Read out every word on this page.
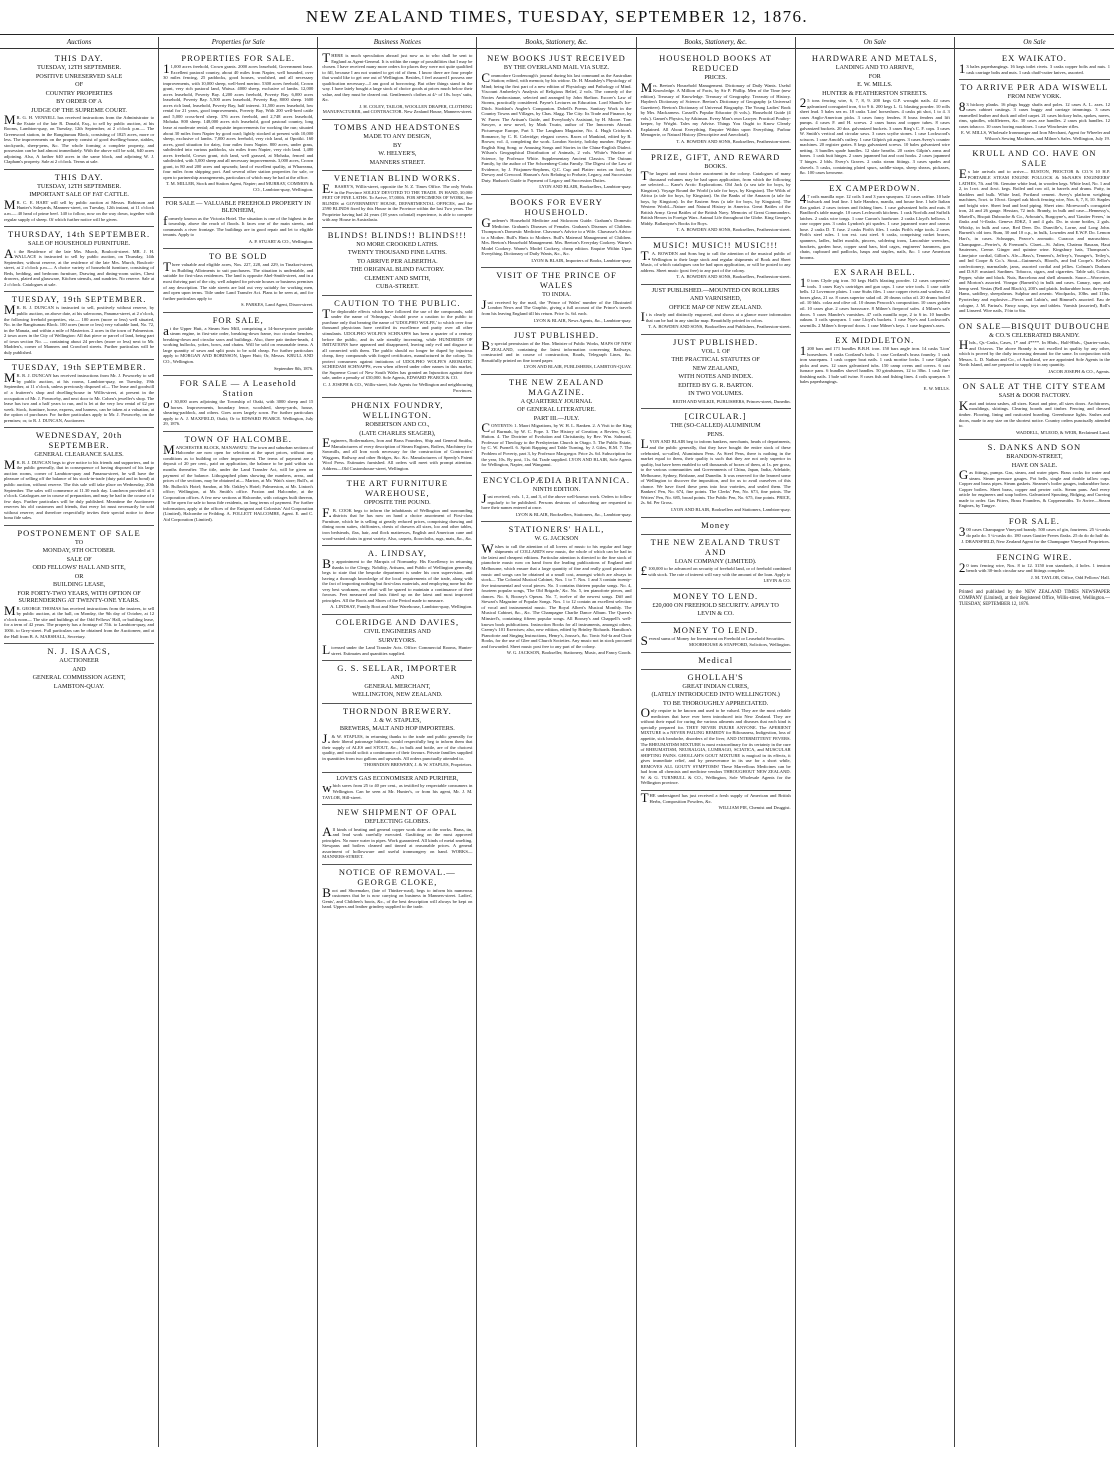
NEW ZEALAND TIMES, TUESDAY, SEPTEMBER 12, 1876.
Auctions

THIS DAY.

TUESDAY, 12TH SEPTEMBER.

POSITIVE UNRESERVED SALE

OF

COUNTRY PROPERTIES

BY ORDER OF A

JUDGE OF THE SUPREME COURT.

MR. G. H. VENNELL has received instructions from the Administrator to the Estate of the late R. Donald, Esq., to sell by public auction, at his Rooms, Lambton-quay, on Tuesday, 12th September, at 2 o'clock p.m.— The Greenwood station, in the Rangitumau Block, consisting of 1825 acres, more or less. The improvements on the property consist of good dwelling-house, stables, stockyards, sheep-pens, &c. The whole forming a complete property, and possession can be had almost immediately. With the above will be sold, 640 acres adjoining. Also, A farther 640 acres in the same block, and adjoining W. J. Clapham's property. Sale at 2 o'clock. Terms at sale.

THIS DAY.

TUESDAY, 12TH SEPTEMBER.

IMPORTANT SALE OF FAT CATTLE.

MR. C. E. HART will sell by public auction at Messrs. Robinson and Hunter's Saleyards, Manners-street, on Tuesday, 12th instant, at 11 o'clock a.m.— 40 head of prime beef. 140 to follow, now on the way down, together with regular supply of sheep. Of which further notice will be given.

THURSDAY, 14th SEPTEMBER.

SALE OF HOUSEHOLD FURNITURE.

At the Residence of the late Mrs. Murch, Boulcott-street. MR. J. H. WALLACE is instructed to sell by public auction, on Thursday, 14th September, without reserve, at the residence of the late Mrs. Murch, Boulcott-street, at 2 o'clock p.m.— A choice variety of household furniture, consisting of Beds, bedding, and bedroom furniture, Drawing and dining-room suites, Chest drawers, plated and glassware, Kitchen utensils, and sundries. No reserve. Sale at 2 o'clock. Catalogues at sale.

TUESDAY, 19th SEPTEMBER.

MR. R. J. DUNCAN is instructed to sell, positively without reserve, by public auction, on above date, at his salerooms, Panama-street, at 2 o'clock, the following freehold properties, viz.— 100 acres (more or less) well situated, No. in the Rangitumau Block. 100 acres (more or less) very valuable land, No. 72, in the Manaia, and within a mile of Masterton. 2 acres in the town of Palmerston. 2 town acres in the City of Wellington: All that piece or parcel of land, being part of town section No. — containing about 24 perches (more or less) next to Mr. Madden's, corner of Manners and Crawford streets. Further particulars will be duly published.

TUESDAY, 19th SEPTEMBER.

MR. R. J. DUNCAN has received instructions from Mr. J. Pownceby to sell by public auction, at his rooms, Lambton-quay, on Tuesday, 19th September, at 11 o'clock, unless previously disposed of— The lease and goodwill of a fruiterer's shop and dwelling-house in Willis-street, at present in the occupation of Mr. J. Pownceby, and next door to Mr. Cohen's jeweller's shop. The lease has two and a half years to run, and is let at the very low rental of £2 per week. Stock, furniture, horse, express, and harness, can be taken at a valuation, at the option of purchaser. For further particulars apply to Mr. J. Pownceby, on the premises; or, to R. J. DUNCAN, Auctioneer.

WEDNESDAY, 20th SEPTEMBER.

GENERAL CLEARANCE SALES.

MR. R. J. DUNCAN begs to give notice to his friends and supporters, and to the public generally, that in consequence of having disposed of his large auction rooms, corner of Lambton-quay and Panama-street, he will have the pleasure of selling off the balance of his stock-in-trade (duty paid and in bond) at public auction, without reserve. The this sale will take place on Wednesday, 20th September. The sales will commence at 11.30 each day. Luncheon provided at 1 o'clock. Catalogues are in course of preparation, and may be had in the course of a few days. Further particulars will be duly published. Meantime the Auctioneer reserves his old customers and friends, that every lot must necessarily be sold without reserve; and therefore respectfully invites their special notice to these bona fide sales.

POSTPONEMENT OF SALE

TO

MONDAY, 9TH OCTOBER.

SALE OF

ODD FELLOWS' HALL AND SITE,

OR

BUILDING LEASE,

FOR FORTY-TWO YEARS, WITH OPTION OF SURRENDERING AT TWENTY-ONE YEARS.

MR. GEORGE THOMAS has received instructions from the trustees, to sell by public auction, at the hall, on Monday, the 9th day of October, at 12 o'clock noon— The site and buildings of the Odd Fellows' Hall, or building lease, for a term of 42 years. The property has a frontage of 75ft. to Lambton-quay, and 100ft. to Grey-street. Full particulars can be obtained from the Auctioneer, and at the Hall from B. A. MARSHALL, Secretary.

N. J. ISAACS,

AUCTIONEER

AND

GENERAL COMMISSION AGENT,

LAMBTON-QUAY.

Properties for Sale

PROPERTIES FOR SALE.

11,000 acres freehold, Crown grants. 2000 acres leasehold, Government lease. Excellent pastoral country, about 40 miles from Napier, well bounded, over 30 miles fencing, 25 paddocks, good houses, woolshed, and all necessary improvements, with 10,000 sheep, well-bred merino. 5300 acres freehold, Crown grant, very rich pastoral land, Waiwa. 4000 sheep, exclusive of lambs. 12,000 acres leasehold, Poverty Bay. 4,200 acres freehold, Poverty Bay. 6,000 acres leasehold, Poverty Bay. 5,500 acres leasehold, Poverty Bay, 8000 sheep. 1600 acres rich land, leasehold, Poverty Bay, half interest. 31,500 acres leasehold, low rental for 21 years, good improvements, Poverty Bay, With 200 well-bred cattle and 5,000 cross-bred sheep. 376 acres freehold, and 2,748 acres leasehold, Mohaka. 800 sheep. 148,000 acres rich leasehold, good pastoral country, long lease at moderate rental; all requisite improvements for working the run; situated about 30 miles from Napier by good road; lightly stocked at present with 10,000 sheep, exclusive of lambs. 7,000 acres freehold, very rich land, at Opotiki. 160 acres, good situation for dairy, four miles from Napier. 800 acres, under grass, subdivided into various paddocks, six miles from Napier, very rich land. 1,480 acres freehold, Crown grant, rich land, well grassed, at Mohaka, fenced and subdivided, with 5,000 sheep and all necessary improvements. 3,000 acres, Crown grant, in 80 and 200 acres and upwards; land of excellent quality, at Whareama, four miles from shipping port. And several other station properties for sale, or open to partnership arrangements, particulars of which may be had at the office.

T. M. MILLER, Stock and Station Agent, Napier; and MURRAY, COMMON & CO., Lambton-quay, Wellington.

FOR SALE — VALUABLE FREEHOLD PROPERTY IN BLENHEIM,

formerly known as the Victoria Hotel. The situation is one of the highest in the township, above the reach of floods. It faces one of the main streets, and commands a river frontage. The buildings are in good repair and let to eligible tenants. Apply to

A. P. STUART & CO., Wellington.

TO BE SOLD

Three valuable and eligible acres, Nos. 227, 228, and 229, in Tinakori-street, in Building Allotments to suit purchasers. The situation is undeniable, and suitable for first-class residences. The land is opposite Abel-Smith-street, and in a most thriving part of the city, well adapted for private houses or business premises of any description. The side streets are laid out very suitably for working men, and open upon terms. Title under Land Transfer Act. Plans to be seen at, and for further particulars apply to

S. PARKES, Land Agent, Dixon-street.

FOR SALE,

at the Upper Hutt, a Steam Saw Mill, comprising a 14-horse-power portable steam engine, in first-rate order, breaking-down frame, two circular benches, breaking-down and circular saws and buildings. Also, three pair timber-heads, 4 working bullocks, yokes, bows, and chains. Will be sold on reasonable terms. A large quantity of sawn and split posts to be sold cheap. For further particulars apply to MORGAN AND ROBINSON, Upper Hutt; Or, Messrs. KRULL AND CO., Wellington.

September 8th, 1876.

FOR SALE — A Leasehold Station

of 30,000 acres adjoining the Township of Otaki, with 3000 sheep and 15 horses. Improvements, boundary fence, woolshed, sheep-yards, house, shearing-paddock, and others. Goes acres largely sown. For further particulars apply to A. J. MAXFIELD, Otaki; Or to EDWARD PEARCE. Wellington, July 29, 1876.

TOWN OF HALCOMBE.

MANCHESTER BLOCK, MANAWATU. The town and suburban sections of Halcombe are now open for selection at the upset prices, without any conditions as to building or other improvement. The terms of payment are a deposit of 20 per cent., paid on application, the balance to be paid within six months thereafter. The title, under the Land Transfer Act, will be given on payment of the balance. Lithographed plans showing the numbers, areas, and prices of the sections, may be obtained at— Marton, at Mr. Watt's store; Bull's, at Mr. Bullock's Hotel; Sandon, at Mr. Oakley's Hotel; Palmerston, at Mr. Linton's office; Wellington, at Mr. Smith's office. Foxton and Halcombe, at the Corporation offices. A few new sections at Halcombe, with cottages built thereon, will be open for sale to bona fide residents, on long terms of payment. For further information, apply at the offices of the Emigrant and Colonists' Aid Corporation (Limited), Halcombe or Feilding. A. FOLLETT HALCOMBE, Agent. E. and C. Aid Corporation (Limited).

Business Notices

THERE is much speculation abroad just now as to who shall be sent to England as Agent-General. It is within the range of possibilities that I may be chosen. I have received many more orders for places they were not quite qualified to fill, because I am not wanted to get rid of them. I know there are four people that would like to get one out of Wellington. Besides, I feel assured I possess one qualification necessary—I am good at borrowing. But other things stand in the way. I have lately bought a large stock of choice goods at prices much below their value, and they must be cleared out. Gentlemen's clothes at 4/- of 10s. boys' suits, &c.

J. H. COLEY, TAILOR, WOOLLEN DRAPER, CLOTHING MANUFACTURER, and CONTRACTOR. New Zealand House, Manners-street.

TOMBS AND HEADSTONES

MADE TO ANY DESIGN,

BY

W. HELYER'S,

MANNERS STREET.

VENETIAN BLIND WORKS.

E.BASBY'S, Willis-street, opposite the N. Z. Times Office. The only Works in the Province SOLELY DEVOTED TO THE TRADE. IN HAND, 30,000 FEET OF FINE LATHS. To Arrive, 57,000ft. FOR SPECIMENS OF WORK, See BLINDS at GOVERNMENT HOUSE, DEPARTMENTAL OFFICES, and the 2590 BLINDS fixed by this House in the Province within the last Two years. The Proprietor having had 24 years (18 years colonial) experience, is able to compete with any House in Australasia.

BLINDS! BLINDS!! BLINDS!!!

NO MORE CROOKED LATHS.

TWENTY THOUSAND FINE LATHS.

TO ARRIVE PER ALBERTHA.

THE ORIGINAL BLIND FACTORY.

CLEMENT AND SMITH,

CUBA-STREET.

CAUTION TO THE PUBLIC.

The deplorable effects which have followed the use of the compounds, sold under the name of 'Schnapps,' should prove a caution to the public to purchase only that bearing the name of 'UDOLPHO WOLFE,' to which over four thousand physicians have certified its excellence and purity over all other stimulants. UDOLPHO WOLFE'S SCHNAPPS has been a quarter of a century before the public, and its sale steadily increasing, while HUNDREDS OF IMITATIONS have appeared and disappeared, leaving only evil and disgrace to all connected with them. The public should no longer be duped by injurious cheap, fiery compounds with forged certificates, manufactured in the colony. To protect consumers against imitations of UDOLPHO WOLFE'S AROMATIC SCHIEDAM SCHNAPPS, even when offered under other names in this market, the Supreme Court of New South Wales has granted an Injunction against their sale, under a penalty of £50,000. Sole Agents, EDWARD PEARCE & CO.

C. J. JOSEPH & CO., Willis-street, Sole Agents for Wellington and neighbouring Provinces.

PHŒNIX FOUNDRY, WELLINGTON.

ROBERTSON AND CO.,

(LATE CHARLES SEAGER),

Engineers, Boilermakers, Iron and Brass Founders, Ship and General Smiths, Manufacturers of every description of Steam Engines, Boilers, Machinery for Sawmills, and all Iron work necessary for the construction of Contractors' Waggons, Railway and other Bridges, &c. &c. Manufacturers of Speedy's Patent Wool Press. Estimates furnished. All orders will meet with prompt attention. Address—Old Customhouse-street, Wellington.

THE ART FURNITURE WAREHOUSE,

OPPOSITE THE POUND.

F.B. COOK begs to inform the inhabitants of Wellington and surrounding districts that he has now on hand a choice assortment of First-class Furniture, which he is selling at greatly reduced prices, comprising drawing and dining room suites, chiffoniers, chests of drawers all sizes, loo and other tables, iron bedsteads, flax, hair, and flock mattresses, English and American cane and wood-seated chairs in great variety. Also, carpets, floorcloths, rugs, mats, &c., &c.

A. LINDSAY,

By appointment to the Marquis of Normanby. His Excellency in returning thanks to the Clergy, Nobility, Artisans, and Public of Wellington generally, begs to state that the bespoke department is under his own supervision, and having a thorough knowledge of the local requirements of the trade, along with the fact of importing nothing but first-class materials, and employing none but the very best workmen, no effort will be spared to maintain a continuance of their favours. Feet measured and lasts fitted up on the latest and most improved principles. All the Boots and Shoes of the Period made to measure.

A. LINDSAY, Family Boot and Shoe Warehouse, Lambton-quay, Wellington.

COLERIDGE AND DAVIES,

CIVIL ENGINEERS AND

SURVEYORS.

Licensed under the Land Transfer Acts. Office: Commercial Rooms, Hunter-street. Estimates and quantities supplied.

G. S. SELLAR, IMPORTER

AND

GENERAL MERCHANT,

WELLINGTON, NEW ZEALAND.

THORNDON BREWERY.

J. & W. STAPLES,

BREWERS, MALT AND HOP IMPORTERS.

J.& W. STAPLES, in returning thanks to the trade and public generally for their liberal patronage hitherto, would respectfully beg to inform them that their supply of ALES and STOUT, &c., in bulk and bottle, are of the choicest quality, and would solicit a continuance of their favours. Private families supplied in quantities from two gallons and upwards. All orders punctually attended to.

THORNDON BREWERY, J. & W. STAPLES, Proprietors.

LOVE'S GAS ECONOMISER AND PURIFIER,

which saves from 25 to 40 per cent., as testified by respectable consumers in Wellington. Can be seen at Mr. Hunter's, or from his agent, Mr. J. M. TAYLOR, Hill-street.

NEW SHIPMENT OF OPAL

DEFLECTING GLOBES.

All kinds of heating and general copper work done at the works. Brass, tin, and lead work carefully executed. Gasfitting on the most approved principles. No more water in pipes. Work guaranteed. All kinds of metal smelting. Stewpans and boilers cleaned and tinned at reasonable prices. A general assortment of hollowware and useful ironmongery on hand. WORKS—MANNERS-STREET.

NOTICE OF REMOVAL.—GEORGE CLOKE,

Boot and Shoemaker, (late of Thinker-road), begs to inform his numerous customers that he is now carrying on business in Manners-street. Ladies', Gents', and Children's boots, &c., of the best description will always be kept on hand. Uppers and leather grindery supplied to the trade.

Books, Stationery, &c.

NEW BOOKS JUST RECEIVED

BY THE OVERLAND MAIL VIA SUEZ.

Commodore Goodenough's journal during his last command as the Australian Station; edited, with memoir, by his widow. Dr. H. Maudsley's Physiology of Mind; being the first part of a new edition of Physiology and Pathology of Mind. Viscount Amberley's Analysis of Religious Belief, 2 vols. The comedy of the Noctes Ambrosianae, selected and arranged by John Skelton. Escoer's Law of Storms, practically considered. Payne's Lectures on Education. Lord Shand's Ice-Ditch. Stoddart's Angler's Companion. Dobell's Poems. Sanitary Work in the Country Towns and Villages, by Chas. Slagg. The City: Its Trade and Finance, by W. Farrer. The Artisan's Guide, and Everybody's Assistant, by H. Moore. Tom Sawyer, a new novel, by Mark Twain, author of The Innocents Abroad. Picturesque Europe, Part 5. The Langham Magazine, No. 4. Hugh Crichton's Romance, by C. R. Coleridge; elegant covers. Races of Mankind, edited by R. Brown; vol. 4, completing the work. London Society, holiday number. Filgrim-English Sing Song; or Amusing Songs and Stories in the China-English Dialect. Wilson's Geographical Distribution of Animals, 2 vols. White's Warfare of Science, by Professor White. Supplementary Ancient Classics. The Outram Family, by the author of The Schoenberg-Cotta Family. The Digest of the Law of Evidence, by J. Fitzjames-Stephens, Q.C. Cup and Platter: notes on food, by Drewry and Crewood. Hanson's Acts Relating to Probate, Legacy, and Succession Duty. Hudson's Guide to Payment of Legacy and Succession Duties.

LYON AND BLAIR, Booksellers, Lambton-quay.

BOOKS FOR EVERY HOUSEHOLD.

Gardener's Household Medicine and Sickroom Guide. Graham's Domestic Medicine. Graham's Diseases of Females. Graham's Diseases of Children. Thompson's Domestic Medicine. Chavasse's Advice to a Wife. Chavasse's Advice to a Mother. Bull's Hints to Mothers. Bull's Maternal Management of Children. Mrs. Beeton's Household Management. Mrs. Beeton's Everyday Cookery. Warne's Model Cookery. Warne's Model Cookery, cheap edition. Enquire Within Upon Everything. Dictionary of Daily Wants, &c., &c.

LYON & BLAIR, Importers of Books, Lambton-quay.

VISIT OF THE PRINCE OF WALES

TO INDIA.

Just received by the mail, the 'Prince of Wales' number of the Illustrated London News and The Graphic, giving a full account of the Prince's travels from his leaving England till his return. Price 1s. 6d. each.

LYON & BLAIR, News Agents, &c., Lambton-quay.

JUST PUBLISHED.

By special permission of the Hon. Minister of Public Works, MAPS OF NEW ZEALAND, containing the latest information concerning Railways, constructed and in course of construction, Roads, Telegraph Lines, &c. Beautifully printed on fine toned paper.

LYON AND BLAIR, PUBLISHERS, LAMBTON-QUAY.

THE NEW ZEALAND MAGAZINE.

A QUARTERLY JOURNAL

OF GENERAL LITERATURE.

PART III.—JULY.

CONTENTS: 1. Maori Migrations, by W. H. L. Ranken. 2. A Visit to the King of Burmah, by W. C. Pope. 3. The History of Creation; a Review, by C. Hutton. 4. The Doctrine of Evolution and Christianity, by Rev. Wm. Salmond, Professor of Theology to the Presbyterian Church in Otago. 5. The Public Estate, by C. W. Purnell. 6. Spirit Rapping and Table Turning, by J. Giles, R.M. 7. The Problem of Poverty, part 3, by Professor Macgregor. Price 2s. 6d. Subscription for the year, 10s. By post, 11s. 6d. Trade supplied. LYON AND BLAIR, Sole Agents for Wellington, Napier, and Wanganui.

ENCYCLOPÆDIA BRITANNICA.

NINTH EDITION.

Just received, vols. 1, 2, and 3, of the above well-known work. Orders to follow regularly to be published. Persons desirous of subscribing are requested to have their names entered at once.

LYON & BLAIR, Booksellers, Stationers, &c., Lambton-quay.

STATIONERS' HALL,

W. G. JACKSON

Wishes to call the attention of all lovers of music to his regular and large shipments of COLLARD'S new music, the whole of which can be had in the latest and cheapest editions. Particular attention is directed to the fine stock of pianoforte music now on hand from the leading publications of England and Melbourne, which ensure that a large quantity of fine and really good pianoforte music and songs can be obtained at a small cost, amongst which are always in stock— The Colonial Musical Cabinet, Nos. 1 to 7. Nos. 1 and 3 contain twenty-five instrumental and vocal pieces. No. 3 contains thirteen popular songs. No. 4, fourteen popular songs, 'The Old Brigade,' &c. No. 5, ten pianoforte pieces, and dances. No. 6, Boosey's Operas. No. 7, twelve of the newest songs. Diff and Stewart's Magazine of Popular Songs. Nos. 1 to 12 contain an excellent selection of vocal and instrumental music. The Royal Albert's Musical Monthly. The Musical Cabinet, &c., &c. The Champagne Charlie Dance Album. The Queen's Minstrel's, containing fifteen popular songs. All Boosey's and Chappell's well-known book publications. Instruction Books for all instruments, amongst others, Czerny's 101 Exercises; also, new edition, edited by Brinley Richards. Hamilton's Pianoforte and Singing Instructions, Henry's, Jousse's, &c. Tonic Sol-fa and Choir Books, for the use of Glee and Church Societies. Any music not in stock procured and forwarded. Sheet music post free to any part of the colony.

W. G. JACKSON, Bookseller, Stationery, Music, and Fancy Goods.

Books, Stationery, &c.

HOUSEHOLD BOOKS AT REDUCED

PRICES.

Mrs. Beeton's Household Management. Dictionary of Daily Wants. Useful Knowledge. A Million of Facts, by Sir P. Phillip. Men of the Time (new edition). Treasury of Knowledge. Treasury of Geography. Treasury of History. Hayden's Dictionary of Science. Beeton's Dictionary of Geography (a Universal Gazetteer). Beeton's Dictionary of Universal Biography. The Young Ladies' Book by Mrs. Mackarness. Cassell's Popular Educator (6 vols.). Household Guide (4 vols.). Gamet's Physics, by Atkinson. Every Man's own Lawyer. Practical Poultry-keeper, by Wright. Tales my Advise. Things You Ought to Know Clearly Explained. All About Everything. Enquire Within upon Everything. Parlour Menagerie, or Natural History (Descriptive and Anecdotal).

T. A. BOWDEN AND SONS, Booksellers, Featherston-street.

PRIZE, GIFT, AND REWARD

BOOKS.

The largest and most choice assortment in the colony. Catalogues of many thousand volumes may be had upon application, from which the following are selected:— Kane's Arctic Explorations. Old Jack (a sea tale for boys, by Kingston). Voyage Round the World (a tale for boys, by Kingston). The Wilds of Africa (a tale for boys, by Kingston). On the Banks of the Amazon (a tale for boys, by Kingston). In the Eastern Seas (a tale for boys, by Kingston). The Western World—Nature and Natural History in America. Great Battles of the British Army. Great Battles of the British Navy. Memoirs of Great Commanders. British Heroes in Foreign Wars. Animal Life throughout the Globe. King George's Middy. Ballantyne's Books for Boys.

T. A. BOWDEN AND SONS, Booksellers, Featherston-street.

MUSIC! MUSIC!! MUSIC!!!

T.A. BOWDEN and Sons beg to call the attention of the musical public of Wellington to their large stock and regular shipments of Book and Sheet Music, of which catalogues can be had upon application, or will be posted to any address. Sheet music (post free) to any part of the colony.

T. A. BOWDEN AND SONS, Booksellers, Featherston-street.

JUST PUBLISHED.—MOUNTED ON ROLLERS

AND VARNISHED,

OFFICE MAP OF NEW ZEALAND.

It is clearly and distinctly engraved, and shows at a glance more information that can be had in any similar map. Beautifully printed in colors.

T. A. BOWDEN AND SONS, Booksellers and Publishers, Featherston-street.

JUST PUBLISHED.

VOL. I. OF

THE PRACTICAL STATUTES OF

NEW ZEALAND,

WITH NOTES AND INDEX.

EDITED BY G. R. BARTON.

IN TWO VOLUMES.

REITH AND WILKIE, PUBLISHERS, Princes-street, Dunedin.

[CIRCULAR.]

THE (SO-CALLED) ALUMINIUM

PENS.

LYON AND BLAIR beg to inform bankers, merchants, heads of departments, and the public generally, that they have bought the entire stock of these celebrated, so-called, Aluminium Pens. As Steel Pens, there is nothing in the market equal to them, their quality is such that they are not only superior in quality, but have been enabled to sell thousands of boxes of them, at 1s. per gross, to the various communities and Governments of China, Japan, India, Adelaide, Melbourne, Sydney, Brisbane, and Dunedin. It was reserved for the learned some of Wellington to discover the imposition, and for us to avail ourselves of this chance. We have fixed these pens into four varieties, and sealed them. The Bankers' Pen, No. 674, fine points. The Clerks' Pen, No. 673, fine points. The Writers' Pen, No. 685, broad points. The Public Pen, No. 675, fine points. PRICE, 2s. 6d. Per Gross.

LYON AND BLAIR, Booksellers and Stationers, Lambton-quay.

Money

THE NEW ZEALAND TRUST AND

LOAN COMPANY (LIMITED).

£100,000 to be advanced on security of freehold land, or of freehold combined with stock. The rate of interest will vary with the amount of the loan. Apply to

LEVIN & CO.

MONEY TO LEND.

£20,000 ON FREEHOLD SECURITY. APPLY TO

LEVIN & CO.

MONEY TO LEND.

Several sums of Money for Investment on Freehold or Leasehold Securities.

MOORHOUSE & STAFFORD, Solicitors, Wellington.

Medical

GHOLLAH'S

GREAT INDIAN CURES,

(LATELY INTRODUCED INTO WELLINGTON.)

TO BE THOROUGHLY APPRECIATED.

Only require to be known and used to be valued. They are the most reliable medicines that have ever been introduced into New Zealand. They are without their equal for curing the various ailments and diseases that each kind is specially prepared for. THEY NEVER INJURE ANYONE. The APERIENT MIXTURE is a NEVER FAILING REMEDY for Biliousness, Indigestion, loss of appetite, sick headache, disorders of the liver, AND INTERMITTENT FEVERS. The RHEUMATISM MIXTURE is most extraordinary for its certainty in the cure of RHEUMATISM, NEURALGIA, LUMBAGO, SCIATICA, and MUSCULAR SHIFTING PAINS. GHOLLAH'S GOUT MIXTURE is magical in its effects, it gives immediate relief, and by perseverance in its use for a short while, REMOVES ALL GOUTY SYMPTOMS! These Marvellous Medicines can be had from all chemists and medicine vendors THROUGHOUT NEW ZEALAND. W. & G. TURNBULL & CO., Wellington, Sole Wholesale Agents for the Wellington province.

THE undersigned has just received a fresh supply of American and British Herbs, Composition Powders, &c.

WILLIAM PIE, Chemist and Druggist.

On Sale

HARDWARE AND METALS,

LANDING AND TO ARRIVE,

FOR

E. W. MILLS.

HUNTER & FEATHERSTON STREETS.

25 tons fencing wire, 6, 7, 8, 9. 200 kegs G.P. wrought nails. 42 cases galvanized corrugated iron, 6 to 9 ft. 200 kegs L. G. blasting powder. 10 rolls sheet lead. 5 bales sez m. 18 casks 'Lion' horseshoes. 4 casks pit shot, 1 to 4. 3 cases Anglo-American picks. 3 cases fancy fenders. 8 brass fenders and lift pumps. 4 cases F. and H. screws. 2 cases brass and copper tubes. 8 cases galvanized buckets. 20 doz. galvanized buckets. 3 cases Rieg's C. F. cops. 3 cases W. Smith's vertical and circular saws. 3 cases scythe stones. 1 case Lockwood's scissors. 1 case Arnold's cutlery. 1 case Gilpin's pit augers. 3 cases Avery's counter machines. 20 register grates. 8 kegs galvanized screws. 10 bales galvanized wire netting. 3 bundles spade handles. 12 slate hearths. 20 crates Gilpin's arms and bones. 1 cask butt hinges. 2 cases japanned hat and coat hooks. 2 cases japanned T hinges. 2 bbls. Every's Graves. 2 casks steam fittings. 3 cases spades and shovels. 5 casks, containing plated spurs, saddle-straps, sheep shears, pickaxes, &c. 100 cases kerosene.

EX CAMPERDOWN.

47 coils manilla rope. 12 coils 3 and 3 yarn spunyarn. 12 cases raffine. 10 bale bulwark and lead line. 1 bale Hambro, manila, and house line. 1 bale Italian flax gasket. 2 cases twines and fishing lines. 1 case galvanized bolts and nuts. 8 Bradford's table mangle. 10 cases Lechworth kitchens. 1 cask Norfolk and Suffolk latches. 2 casks wire tongs. 1 case Carron's hardware. 2 casks Lloyd's bellows. 1 case copper pan. 3 casks Lyndon's pit spades. 1 case japanned ware and canvas hose. 2 casks D. T. fuse. 2 casks Firth's files. 1 casks Firth's edge tools. 2 cases Firth's steel rules. 1 ton ext. cast steel. 6 casks, comprising racket braces, spanners, ladles, bullet moulds, pincers, soldering irons, Lancashire wrenches, brackets, garden hose, copper sand bars, bird cages, engineers' hammers, gun chain, cupboard and padlocks, hasps and staples, nails, &c. 1 case American brooms.

EX SARAH BELL.

10 tons Clyde pig iron. 50 kegs Hall's blasting powder. 12 cases carpenters' tools. 3 cases Kay's cartridges and gun caps. 1 case wire tools. 1 case cattle bells. 12 Lovemore plates. 1 case Stubs files. 1 case copper rivets and washers. 42 boxes glass, 21 oz. 8 cases superior salad oil. 20 drums colza oil. 20 drums boiled oil. 10 bbls. colza and olive oil. 10 drums Peacock's composition. 10 cases golden oil. 10 cases glue. 2 cases brassware. 8 Milner's fireproof safes. 4 Milner's safe doors. 5 cases Mander's varnishes. 47 coils manilla rope, 2 to 6 in. 10 bundles oakum. 3 coils spunyarn. 1 case Lloyd's buckets. 1 case Nye's and Lockwood's sawmills. 2 Milner's fireproof doors. 1 case Milner's keys. 1 case Ingram's axes.

EX MIDDLETON.

1200 bars and 171 bundles B.B.H. iron. 150 bars angle iron. 14 casks 'Lion' horseshoes. 8 casks Cortland's bolts. 1 case Cortland's brass foundry. 1 cask iron saucepans. 1 cask copper boat nails. 1 cask mortise locks. 1 case Gilpin's picks and axes. 12 cases galvanized tubs. 150 camp ovens and covers. 6 cast furnace pans. 6 bundles shovel handles. 50 grindstones, 12 to 30in. 1 cask fire-finishing nails. 1 bale sail twine. 8 cases fish and fishing lines. 4 coils spunyarn. 5 bales paperhangings.

E. W. MILLS.

On Sale

EX WAIKATO.

13 bales paperhangings. 16 kegs toilet rivets. 3 casks copper bolts and nuts. 1 cask carriage bolts and nuts. 1 cask chaff-cutter knives, assorted.

TO ARRIVE PER ADA WISWELL

FROM NEW YORK.

83 hickory planks. 16 plugs buggy shafts and poles. 12 cases A. L. axes. 12 cases cabinet castings. 3 cases buggy and carriage trimmings. 3 cases enamelled leather and duck and oiled carpet. 21 cases hickory hubs, spokes, naves, rims, spindles, whiffletrees, &c. 30 cases axe handles. 2 cases pick handles. 12 cases tobacco. 10 cases boring machines. 1 case Winchester rifles.

E. W. MILLS, Wholesale Ironmonger and Iron Merchant, Agent for Wheeler and Wilson's Sewing Machines, and Milner's Safes. Wellington, July 19.

KRULL AND CO. HAVE ON SALE

Ex late arrivals and to arrive— RUSTON, PROCTOR & CO.'S 10 H.P. PORTABLE STEAM ENGINE POLLOCK & McNAB'S ENGINEERS' LATHES, 7ft. and 9ft. Genuine white lead, in wooden kegs. White lead, No. 1 and 2, in 1cwt. and 4cwt. kegs. Boiled and raw oil, in barrels and drums. Putty, in bladders and bulk. White lead, Portland cement. Avery's platform weighing machines, 5cwt. to 10cwt. Gospel oak block fencing wire, Nos. 6, 7, 8, 10. Staples and bright wire. Sheet lead and lead piping. Sheet zinc. Morewood's corrugated iron, 24 and 26 gauge. Hessian, 72 inch. Brandy, in bulk and case—Hennessy's, Martell's, Bisquit Dubouche & Co., Arbouin's, Burgoyne's, and 'Gautier Freres,' in flasks and ½-flasks. Geneva JDKZ, 3 and 4 gals. Do. in stone bottles, 2 gals. Whisky, in bulk and case, Red Deer. Do. Dunville's, Lorne, and Long John. Burnett's old tom. Rum, 30 and 10 o.p., in bulk, Lowndes and E.W.P. Do. Lemon Hart's, in cases. Schnapps, Pearce's aromatic. Curacoa and maraschino. Champagne—Perrier's, & Fremont's. Claret—St. Julien, Chateau Rauzan, Haut Sauternes, Creme. Ginger and quinine wine. Kingsbury hats, Thompson's. Limejuice cordial, Gillon's. Ale—Bass's, Tennent's, Jeffrey's, Younger's, Tetley's, and Ind Coope & Co.'s. Stout—Guinness's, Blood's, and Ind Coope's. Kellor's confectionery, marmalade, jams, assorted cordial and jellies. Colman's Durham and D.S.F. mustard. Sardines. Tobacco, cigars, and cigarettes. Table salt, Cotton. Pepper, white and black. Nuts, Barcelona and shell almonds. Sauce—Worcester, and Morton's assorted. Vinegar (Barnett's) in bulk and cases. Canary, rape, and hemp seed. Vestas (Bell and Black's), 200's and plaids. Indiarubber hose, three-ply. Hams, saddlery, sheepshears. Sulphur and arsenic. Woolpacks, 10lbs. and 11lbs. Pyrotechny and explosive—Pieces and Lubin's, and Rimmel's assorted. Eau de cologne, J. M. Farina's. Fancy soaps, toys and tablets. Varnish (assorted), Roll's and Linseed. Wire nails, 1½in to 6in.

ON SALE—BISQUIT DUBOUCHE

& CO.'S CELEBRATED BRANDY.

Hhds., Qr.-Casks, Cases, 1* and 4****. In Hhds., Half-Hhds., Quarter-casks, and Octavos. The above Brandy is not excelled in quality by any other, which is proved by the daily increasing demand for the same. In conjunction with Messrs. L. D. Nathan and Co., of Auckland, we are appointed Sole Agents in the North Island, and are prepared to supply it in any quantity.

JACOB JOSEPH & CO., Agents.

ON SALE AT THE CITY STEAM

SASH & DOOR FACTORY.

Kauri and totara sashes, all sizes. Kauri and pine, all sizes doors. Architraves, mouldings, skirtings. Clearing boards and timber. Fencing and dressed timber. Flooring, lining and rusticated boarding. Greenhouse lights. Sashes and doors, made to any size on the shortest notice. Country orders punctually attended to.

WADDELL, M'LEOD, & WEIR, Reclaimed Land.

S. DANKS AND SON

BRANDON-STREET,

HAVE ON SALE.

Gas fittings, pumps. Gas, steam, and water pipes. Brass cocks for water and steam. Steam pressure gauges. Pot bells, single and double tallow cups. Copper and brass pipes. Steam gaskets. Steamer's boiler gauges, indiarubber hose. Copper boilers. Sheet brass, copper and pewter coils. Steam pans. And every article for engineers and soap boilers. Galvanized Spouting, Ridging, and Curving made to order. Gas Fitters, Brass Founders, & Coppersmiths. To Arrive—Steam Engines, by Tangye.

FOR SALE.

300 cases Champagne Vineyard brandy. 500 cases of gin, fourteens. 25 ¼-casks do palo do. 5 ¼-casks do. 180 cases Gautier Freres flasks. 25 do do do half do.

J. DRANSFIELD, New Zealand Agent for the Champagne Vineyard Proprietors.

FENCING WIRE.

20 tons fencing wire, Nos. 8 to 12. 3150 iron standards, 4 holes. 1 tension bench with 30-inch circular saw and fittings complete.

J. M. TAYLOR, Office, Odd Fellows' Hall.

Printed and published by the NEW ZEALAND TIMES NEWSPAPER COMPANY (Limited), at their Registered Office, Willis-street, Wellington.—TUESDAY, SEPTEMBER 12, 1876.
